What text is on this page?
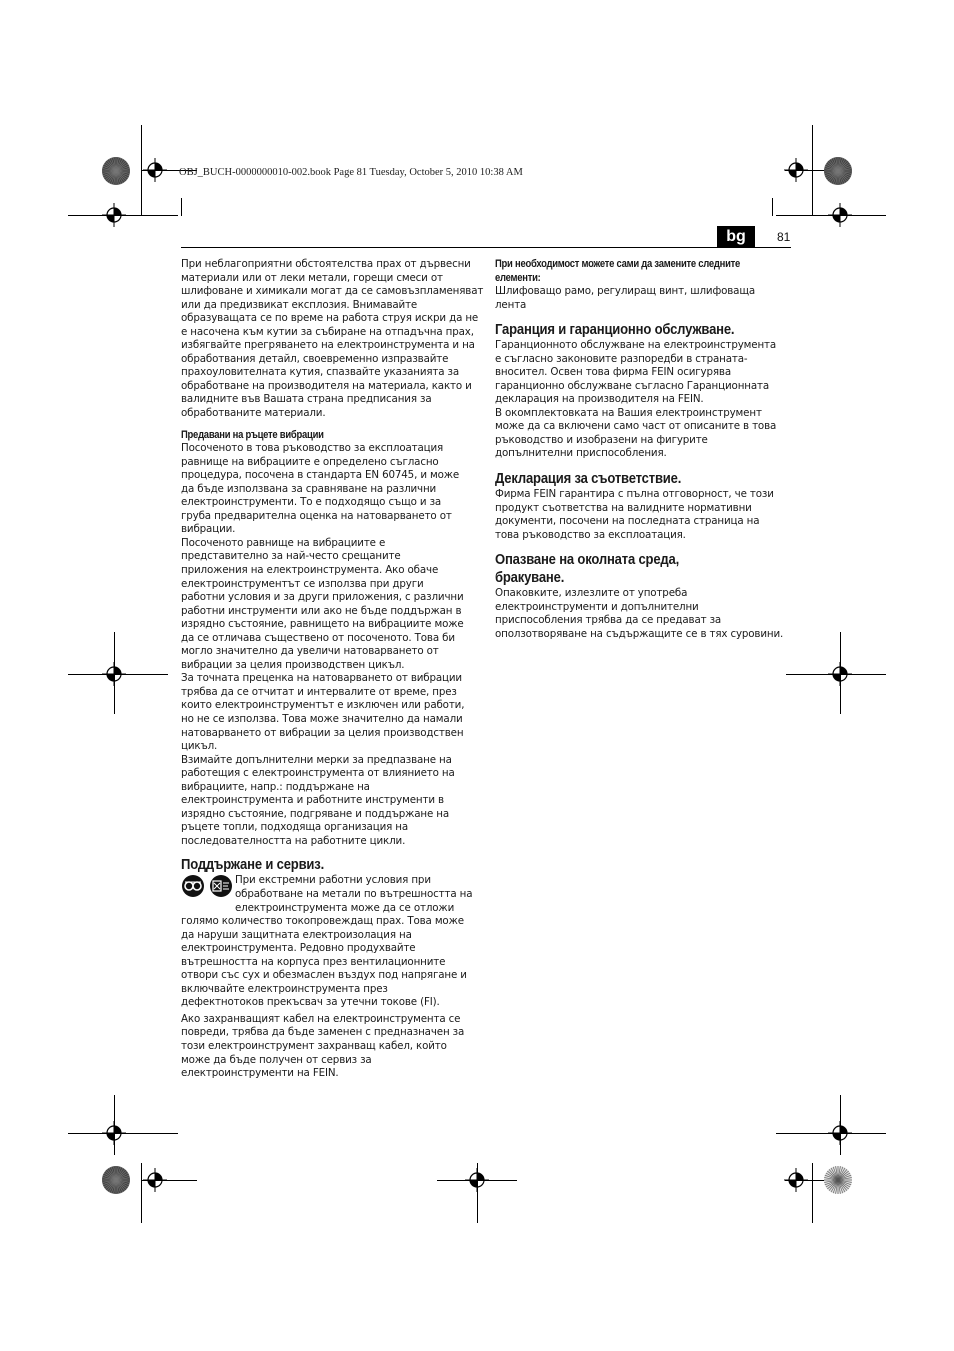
OBJ_BUCH-0000000010-002.book Page 81 Tuesday, October 5, 2010 10:38 AM
bg	81

При неблагоприятни обстоятелства прах от дървесни

материали или от леки метали, горещи смеси от

шлифоване и химикали могат да се самовъзпламеняват

или да предизвикат експлозия. Внимавайте

образуващата се по време на работа струя искри да не

е насочена към кутии за събиране на отпадъчна прах,

избягвайте прегряването на електроинструмента и на

обработвания детайл, своевременно изпразвайте

прахоуловителната кутия, спазвайте указанията за

обработване на производителя на материала, както и

валидните във Вашата страна предписания за

обработваните материали.

Предавани на ръцете вибрации

Посоченото в това ръководство за експлоатация

равнище на вибрациите е определено съгласно

процедура, посочена в стандарта EN 60745, и може

да бъде използвана за сравняване на различни

електроинструменти. То е подходящо също и за

груба предварителна оценка на натоварването от

вибрации.

Посоченото равнище на вибрациите е

представително за най-често срещаните

приложения на електроинструмента. Ако обаче

електроинструментът се използва при други

работни условия и за други приложения, с различни

работни инструменти или ако не бъде поддържан в

изрядно състояние, равнището на вибрациите може

да се отличава съществено от посоченото. Това би

могло значително да увеличи натоварването от

вибрации за целия производствен цикъл.

За точната преценка на натоварването от вибрации

трябва да се отчитат и интервалите от време, през

които електроинструментът е изключен или работи,

но не се използва. Това може значително да намали

натоварването от вибрации за целия производствен

цикъл.

Взимайте допълнителни мерки за предпазване на

работещия с електроинструмента от влиянието на

вибрациите, напр.: поддържане на

електроинструмента и работните инструменти в

изрядно състояние, подгряване и поддържане на

ръцете топли, подходяща организация на

последователността на работните цикли.

Поддържане и сервиз.

При екстремни работни условия при

обработване на метали по вътрешността на

електроинструмента може да се отложи

голямо количество токопровеждащ прах. Това може

да наруши защитната електроизолация на

електроинструмента. Редовно продухвайте

вътрешността на корпуса през вентилационните

отвори със сух и обезмаслен въздух под напрягане и

включвайте електроинструмента през

дефектнотоков прекъсвач за утечни токове (FI).

Ако захранващият кабел на електроинструмента се

повреди, трябва да бъде заменен с предназначен за

този електроинструмент захранващ кабел, който

може да бъде получен от сервиз за

електроинструменти на FEIN.

При необходимост можете сами да замените следните
елементи:

Шлифоващо рамо, регулиращ винт, шлифоваща

лента

Гаранция и гаранционно обслужване.

Гаранционното обслужване на електроинструмента

е съгласно законовите разпоредби в страната-

вносител. Освен това фирма FEIN осигурява

гаранционно обслужване съгласно Гаранционната

декларация на производителя на FEIN.

В окомплектовката на Вашия електроинструмент

може да са включени само част от описаните в това

ръководство и изобразени на фигурите

допълнителни приспособления.

Декларация за съответствие.

Фирма FEIN гарантира с пълна отговорност, че този

продукт съответства на валидните нормативни

документи, посочени на последната страница на

това ръководство за експлоатация.

Опазване на околната среда,
бракуване.

Опаковките, излезлите от употреба

електроинструменти и допълнителни

приспособления трябва да се предават за

оползотворяване на съдържащите се в тях суровини.
